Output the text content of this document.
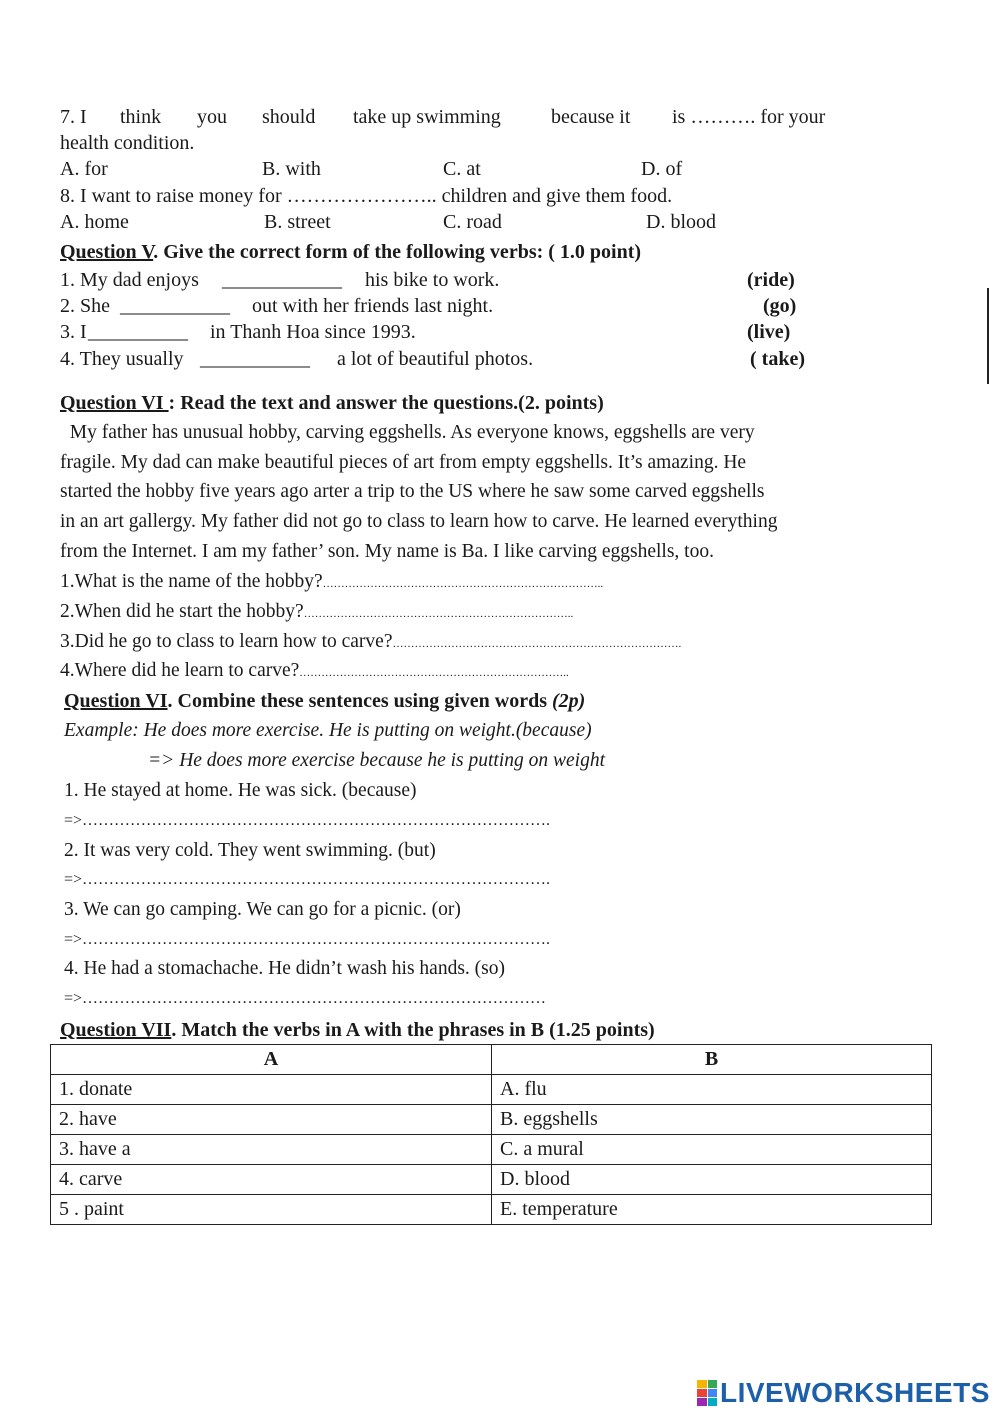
7. I think you should take up swimming	because it is ………. for your
health condition.
A. for	B. with	C. at	D. of
8. I want to raise money for ………………….. children and give them food.
A. home	B. street	C. road	D. blood
Question V. Give the correct form of the following verbs: ( 1.0 point)
1. My dad enjoys ____________ his bike to work.	(ride)
2. She ___________ out with her friends last night.	(go)
3. I __________ in Thanh Hoa since 1993.	(live)
4. They usually ___________ a lot of beautiful photos.	( take)
Question VI : Read the text and answer the questions.(2. points)
My father has unusual hobby, carving eggshells. As everyone knows, eggshells are very
fragile. My dad can make beautiful pieces of art from empty eggshells. It’s amazing. He
started the hobby five years ago arter a trip to the US where he saw some carved eggshells
in an art gallergy. My father did not go to class to learn how to carve. He learned everything
from the Internet. I am my father’ son. My name is Ba. I like carving eggshells, too.
1.What is the name of the hobby?…………………………………………………………………..
2.When did he start the hobby?………………………………………………………………..
3.Did he go to class to learn how to carve?…………………………………………………………………….
4.Where did he learn to carve?………………………………………………………………..
Question VI. Combine these sentences using given words (2p)
Example: He does more exercise. He is putting on weight.(because)
=> He does more exercise because he is putting on weight
1. He stayed at home. He was sick. (because)
=>…………………………………………………………………………….
2. It was very cold. They went swimming. (but)
=>…………………………………………………………………………….
3. We can go camping. We can go for a picnic. (or)
=>…………………………………………………………………………….
4. He had a stomachache. He didn’t wash his hands. (so)
=>……………………………………………………………………………
Question VII. Match the verbs in A with the phrases in B (1.25 points)
A	B
1. donate	A. flu
2. have	B. eggshells
3. have a	C. a mural
4. carve	D. blood
5 . paint	E. temperature
LIVEWORKSHEETS
